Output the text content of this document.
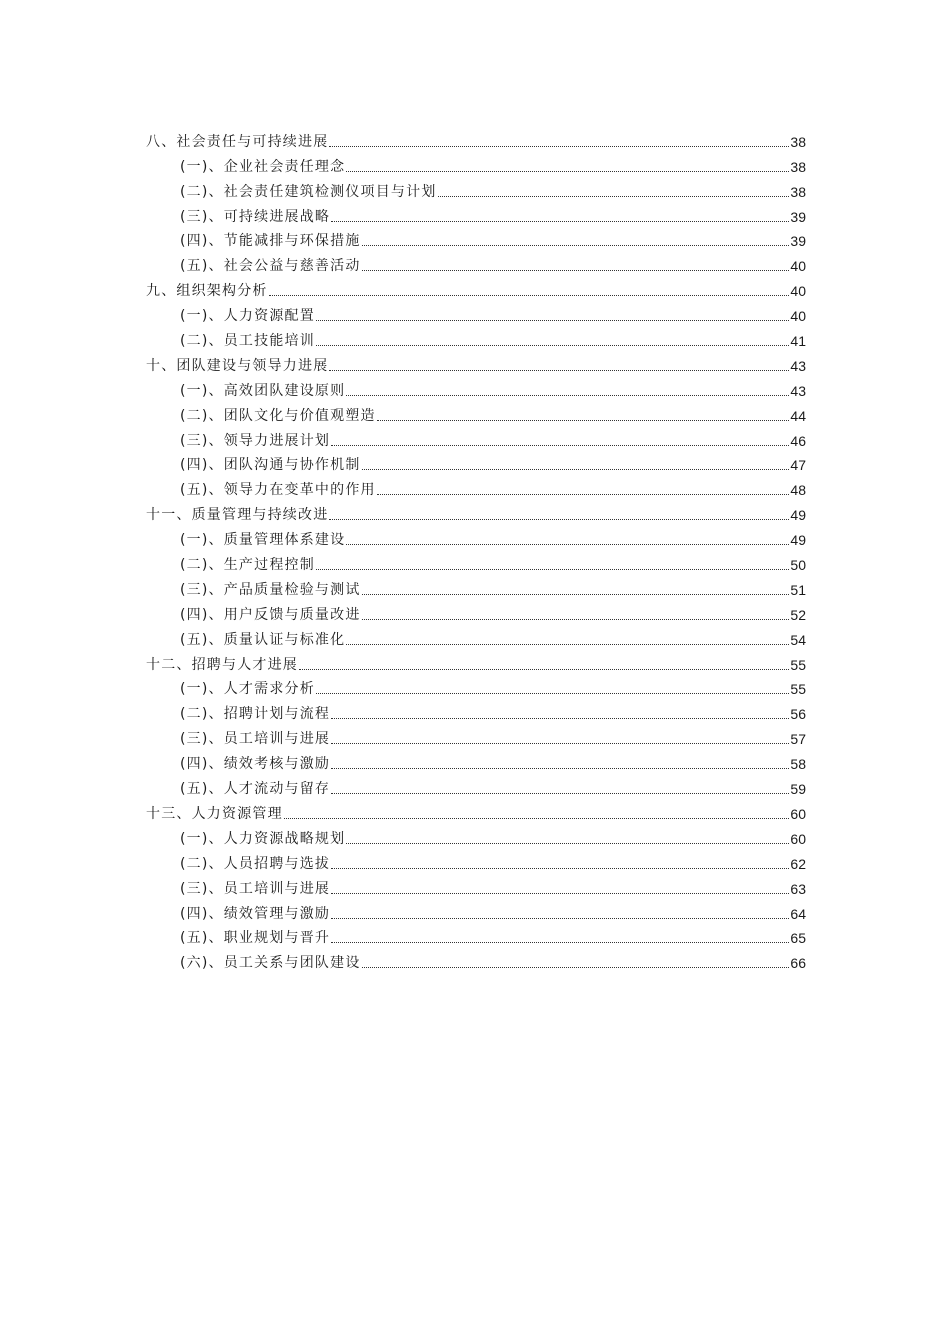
八、社会责任与可持续进展	38
(一)、企业社会责任理念	38
(二)、社会责任建筑检测仪项目与计划	38
(三)、可持续进展战略	39
(四)、节能减排与环保措施	39
(五)、社会公益与慈善活动	40
九、组织架构分析	40
(一)、人力资源配置	40
(二)、员工技能培训	41
十、团队建设与领导力进展	43
(一)、高效团队建设原则	43
(二)、团队文化与价值观塑造	44
(三)、领导力进展计划	46
(四)、团队沟通与协作机制	47
(五)、领导力在变革中的作用	48
十一、质量管理与持续改进	49
(一)、质量管理体系建设	49
(二)、生产过程控制	50
(三)、产品质量检验与测试	51
(四)、用户反馈与质量改进	52
(五)、质量认证与标准化	54
十二、招聘与人才进展	55
(一)、人才需求分析	55
(二)、招聘计划与流程	56
(三)、员工培训与进展	57
(四)、绩效考核与激励	58
(五)、人才流动与留存	59
十三、人力资源管理	60
(一)、人力资源战略规划	60
(二)、人员招聘与选拔	62
(三)、员工培训与进展	63
(四)、绩效管理与激励	64
(五)、职业规划与晋升	65
(六)、员工关系与团队建设	66
